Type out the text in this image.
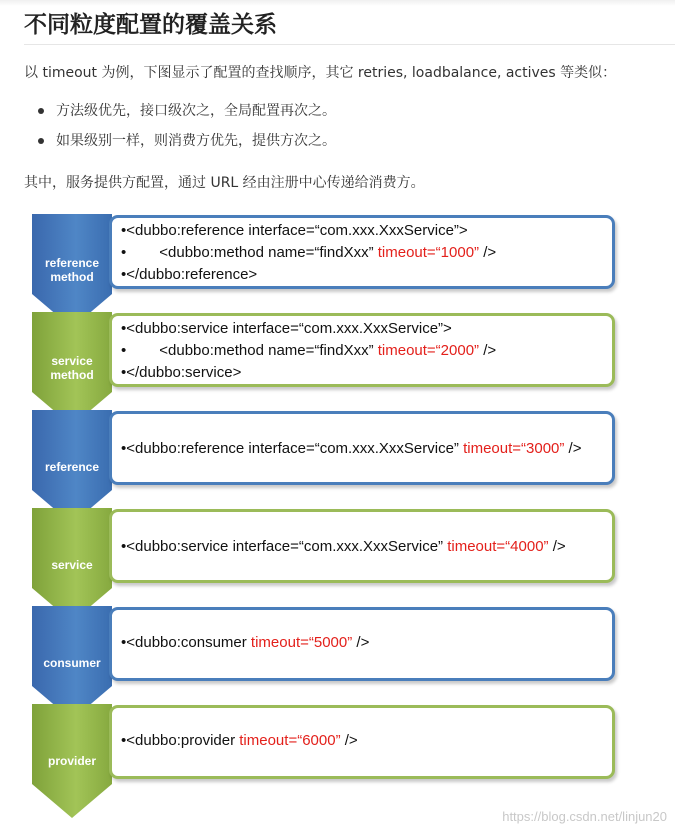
不同粒度配置的覆盖关系

以 timeout 为例，下图显示了配置的查找顺序，其它 retries, loadbalance, actives 等类似：

方法级优先，接口级次之，全局配置再次之。
如果级别一样，则消费方优先，提供方次之。

其中，服务提供方配置，通过 URL 经由注册中心传递给消费方。

reference
method
service
method
reference
service
consumer
provider
•<dubbo:reference interface=“com.xxx.XxxService”>
• <dubbo:method name=“findXxx” timeout=“1000” />
•</dubbo:reference>
•<dubbo:service interface=“com.xxx.XxxService”>
• <dubbo:method name=“findXxx” timeout=“2000” />
•</dubbo:service>
•<dubbo:reference interface=“com.xxx.XxxService” timeout=“3000” />
•<dubbo:service interface=“com.xxx.XxxService” timeout=“4000” />
•<dubbo:consumer timeout=“5000” />
•<dubbo:provider timeout=“6000” />
https://blog.csdn.net/linjun20
